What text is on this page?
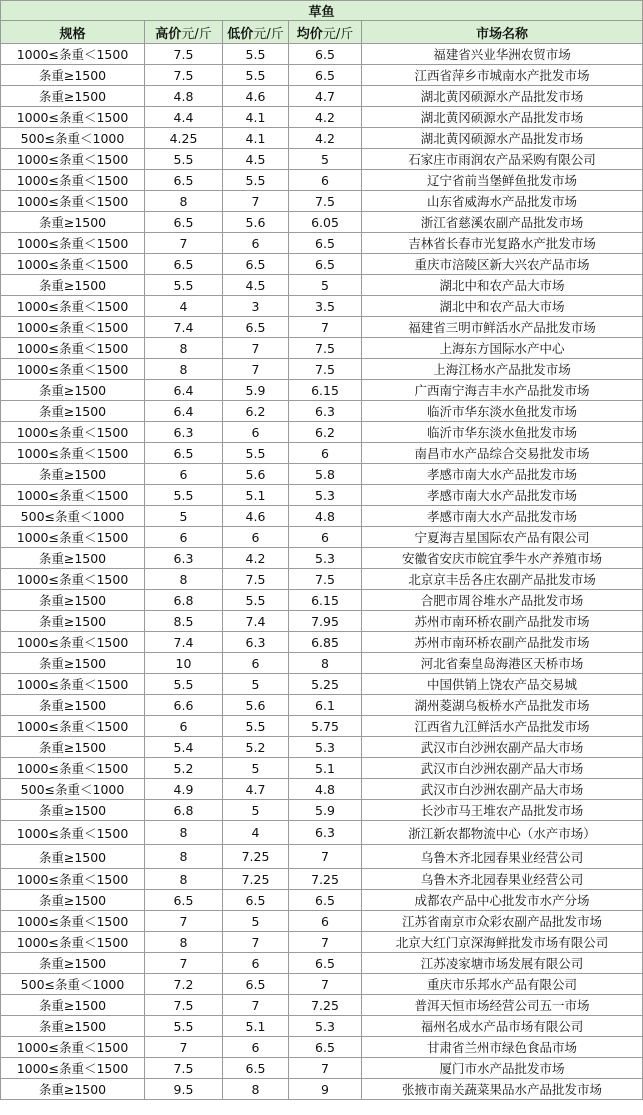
草鱼				
规格	高价元/斤	低价元/斤	均价元/斤	市场名称
1000≤条重＜1500	7.5	5.5	6.5	福建省兴业华洲农贸市场
条重≥1500	7.5	5.5	6.5	江西省萍乡市城南水产批发市场
条重≥1500	4.8	4.6	4.7	湖北黄冈硕源水产品批发市场
1000≤条重＜1500	4.4	4.1	4.2	湖北黄冈硕源水产品批发市场
500≤条重＜1000	4.25	4.1	4.2	湖北黄冈硕源水产品批发市场
1000≤条重＜1500	5.5	4.5	5	石家庄市雨润农产品采购有限公司
1000≤条重＜1500	6.5	5.5	6	辽宁省前当堡鲜鱼批发市场
1000≤条重＜1500	8	7	7.5	山东省威海水产品批发市场
条重≥1500	6.5	5.6	6.05	浙江省慈溪农副产品批发市场
1000≤条重＜1500	7	6	6.5	吉林省长春市光复路水产批发市场
1000≤条重＜1500	6.5	6.5	6.5	重庆市涪陵区新大兴农产品市场
条重≥1500	5.5	4.5	5	湖北中和农产品大市场
1000≤条重＜1500	4	3	3.5	湖北中和农产品大市场
1000≤条重＜1500	7.4	6.5	7	福建省三明市鲜活水产品批发市场
1000≤条重＜1500	8	7	7.5	上海东方国际水产中心
1000≤条重＜1500	8	7	7.5	上海江杨水产品批发市场
条重≥1500	6.4	5.9	6.15	广西南宁海吉丰水产品批发市场
条重≥1500	6.4	6.2	6.3	临沂市华东淡水鱼批发市场
1000≤条重＜1500	6.3	6	6.2	临沂市华东淡水鱼批发市场
1000≤条重＜1500	6.5	5.5	6	南昌市水产品综合交易批发市场
条重≥1500	6	5.6	5.8	孝感市南大水产品批发市场
1000≤条重＜1500	5.5	5.1	5.3	孝感市南大水产品批发市场
500≤条重＜1000	5	4.6	4.8	孝感市南大水产品批发市场
1000≤条重＜1500	6	6	6	宁夏海吉星国际农产品有限公司
条重≥1500	6.3	4.2	5.3	安徽省安庆市皖宜季牛水产养殖市场
1000≤条重＜1500	8	7.5	7.5	北京京丰岳各庄农副产品批发市场
条重≥1500	6.8	5.5	6.15	合肥市周谷堆水产品批发市场
条重≥1500	8.5	7.4	7.95	苏州市南环桥农副产品批发市场
1000≤条重＜1500	7.4	6.3	6.85	苏州市南环桥农副产品批发市场
条重≥1500	10	6	8	河北省秦皇岛海港区天桥市场
1000≤条重＜1500	5.5	5	5.25	中国供销上饶农产品交易城
条重≥1500	6.6	5.6	6.1	湖州菱湖乌板桥水产品批发市场
1000≤条重＜1500	6	5.5	5.75	江西省九江鲜活水产品批发市场
条重≥1500	5.4	5.2	5.3	武汉市白沙洲农副产品大市场
1000≤条重＜1500	5.2	5	5.1	武汉市白沙洲农副产品大市场
500≤条重＜1000	4.9	4.7	4.8	武汉市白沙洲农副产品大市场
条重≥1500	6.8	5	5.9	长沙市马王堆农产品批发市场
1000≤条重＜1500	8	4	6.3	浙江新农都物流中心（水产市场）
条重≥1500	8	7.25	7	乌鲁木齐北园春果业经营公司
1000≤条重＜1500	8	7.25	7.25	乌鲁木齐北园春果业经营公司
条重≥1500	6.5	6.5	6.5	成都农产品中心批发市水产分场
1000≤条重＜1500	7	5	6	江苏省南京市众彩农副产品批发市场
1000≤条重＜1500	8	7	7	北京大红门京深海鲜批发市场有限公司
条重≥1500	7	6	6.5	江苏凌家塘市场发展有限公司
500≤条重＜1000	7.2	6.5	7	重庆市乐邦水产品有限公司
条重≥1500	7.5	7	7.25	普洱天恒市场经营公司五一市场
条重≥1500	5.5	5.1	5.3	福州名成水产品市场有限公司
1000≤条重＜1500	7	6	6.5	甘肃省兰州市绿色食品市场
1000≤条重＜1500	7.5	6.5	7	厦门市水产品批发市场
条重≥1500	9.5	8	9	张掖市南关蔬菜果品水产品批发市场
